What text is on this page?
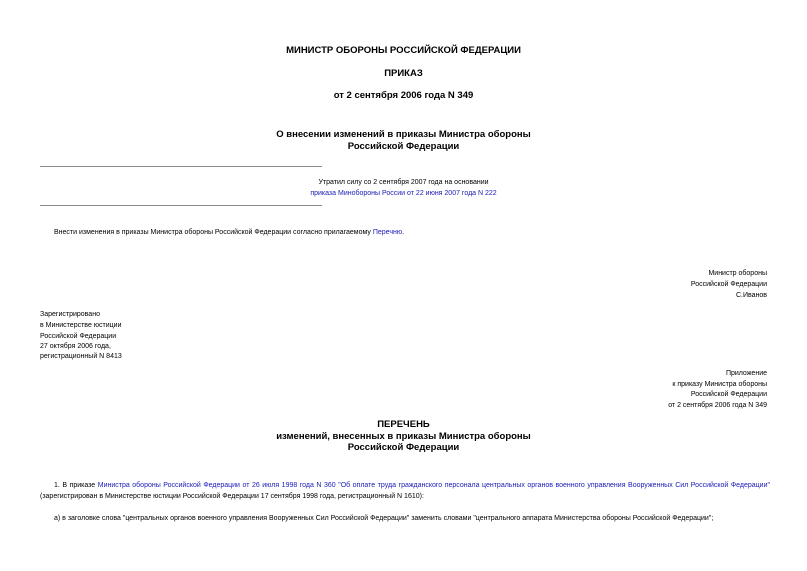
МИНИСТР ОБОРОНЫ РОССИЙСКОЙ ФЕДЕРАЦИИ
ПРИКАЗ
от 2 сентября 2006 года N 349
О внесении изменений в приказы Министра обороны
Российской Федерации
Утратил силу со 2 сентября 2007 года на основании
приказа Минобороны России от 22 июня 2007 года N 222
Внести изменения в приказы Министра обороны Российской Федерации согласно прилагаемому Перечню.
Министр обороны
Российской Федерации
С.Иванов
Зарегистрировано
в Министерстве юстиции
Российской Федерации
27 октября 2006 года,
регистрационный N 8413
Приложение
к приказу Министра обороны
Российской Федерации
от 2 сентября 2006 года N 349
ПЕРЕЧЕНЬ
изменений, внесенных в приказы Министра обороны
Российской Федерации
1. В приказе Министра обороны Российской Федерации от 26 июля 1998 года N 360 "Об оплате труда гражданского персонала центральных органов военного управления Вооруженных Сил Российской Федерации" (зарегистрирован в Министерстве юстиции Российской Федерации 17 сентября 1998 года, регистрационный N 1610):
а) в заголовке слова "центральных органов военного управления Вооруженных Сил Российской Федерации" заменить словами "центрального аппарата Министерства обороны Российской Федерации";
